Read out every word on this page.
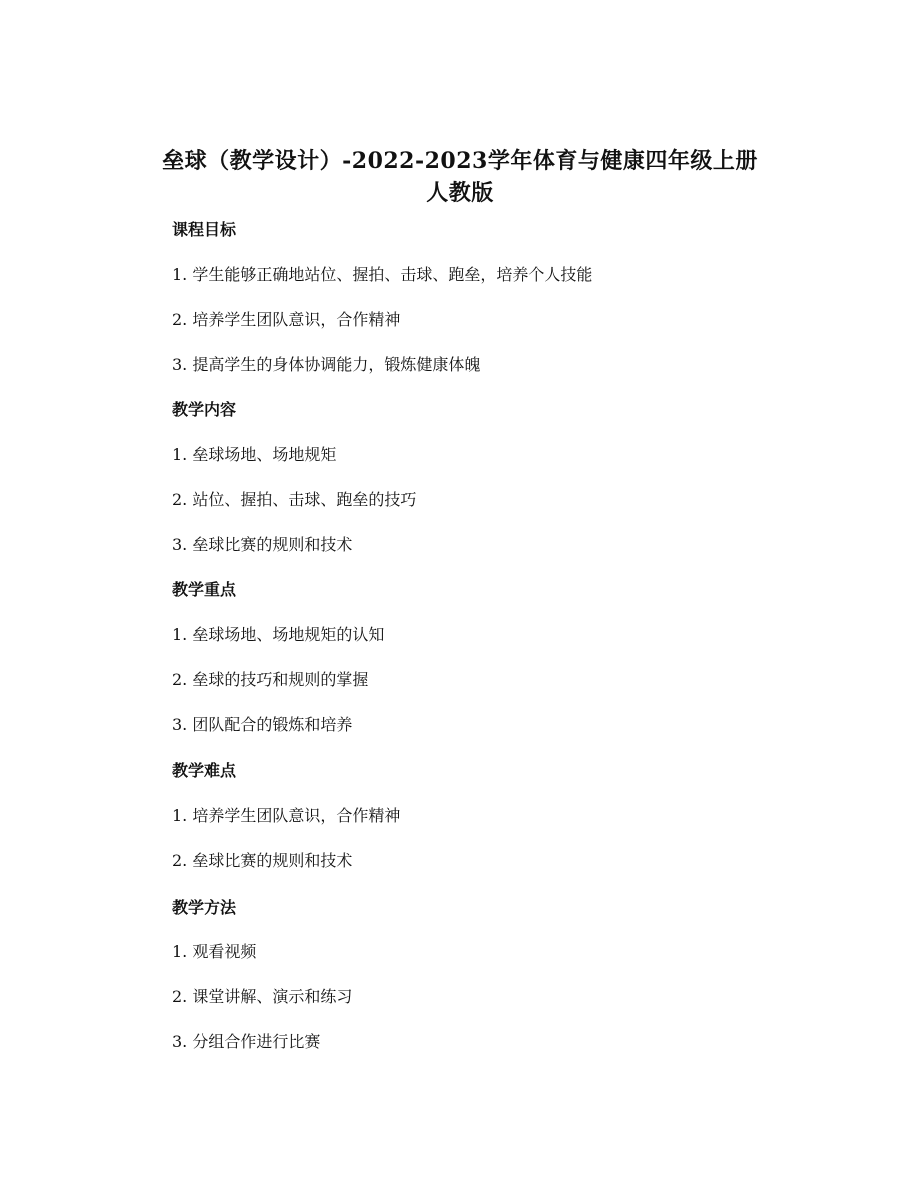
垒球（教学设计）-2022-2023学年体育与健康四年级上册
人教版
课程目标
1. 学生能够正确地站位、握拍、击球、跑垒，培养个人技能
2. 培养学生团队意识，合作精神
3. 提高学生的身体协调能力，锻炼健康体魄
教学内容
1. 垒球场地、场地规矩
2. 站位、握拍、击球、跑垒的技巧
3. 垒球比赛的规则和技术
教学重点
1. 垒球场地、场地规矩的认知
2. 垒球的技巧和规则的掌握
3. 团队配合的锻炼和培养
教学难点
1. 培养学生团队意识，合作精神
2. 垒球比赛的规则和技术
教学方法
1. 观看视频
2. 课堂讲解、演示和练习
3. 分组合作进行比赛
